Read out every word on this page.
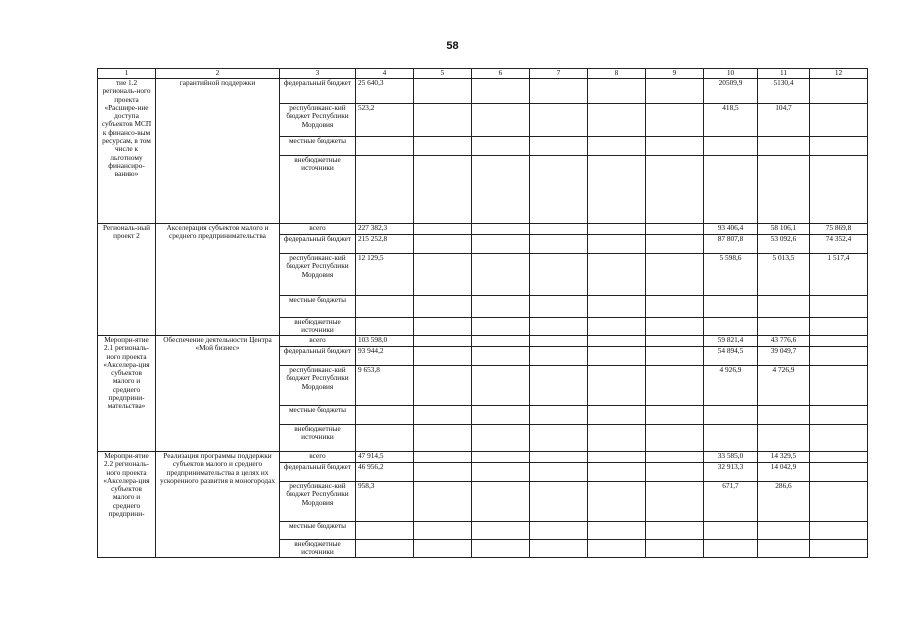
58
1	2	3	4	5	6	7	8	9	10	11	12
тие 1.2 региональ-ного проекта «Расшире-ние доступа субъектов МСП к финансо-вым ресурсам, в том числе к льготному финансиро-ванию»	гарантийной поддержки	федеральный бюджет	25 640,3						20509,9	5130,4	
		республиканс-кий бюджет Республики Мордовия	523,2						418,5	104,7	
		местные бюджеты									
		внебюджетные источники									
Региональ-ный проект 2	Акселерация субъектов малого и среднего предпринимательства	всего	227 382,3						93 406,4	58 106,1	75 869,8
		федеральный бюджет	215 252,8						87 807,8	53 092,6	74 352,4
		республиканс-кий бюджет Республики Мордовия	12 129,5						5 598,6	5 013,5	1 517,4
		местные бюджеты									
		внебюджетные источники									
Меропри-ятие 2.1 региональ-ного проекта «Акселера-ция субъектов малого и среднего предприни-мательства»	Обеспечение деятельности Центра «Мой бизнес»	всего	103 598,0						59 821,4	43 776,6	
		федеральный бюджет	93 944,2						54 894,5	39 049,7	
		республиканс-кий бюджет Республики Мордовия	9 653,8						4 926,9	4 726,9	
		местные бюджеты									
		внебюджетные источники									
Меропри-ятие 2.2 региональ-ного проекта «Акселера-ция субъектов малого и среднего предприни-	Реализация программы поддержки субъектов малого и среднего предпринимательства в целях их ускоренного развития в моногородах	всего	47 914,5						33 585,0	14 329,5	
		федеральный бюджет	46 956,2						32 913,3	14 042,9	
		республиканс-кий бюджет Республики Мордовия	958,3						671,7	286,6	
		местные бюджеты									
		внебюджетные источники									
